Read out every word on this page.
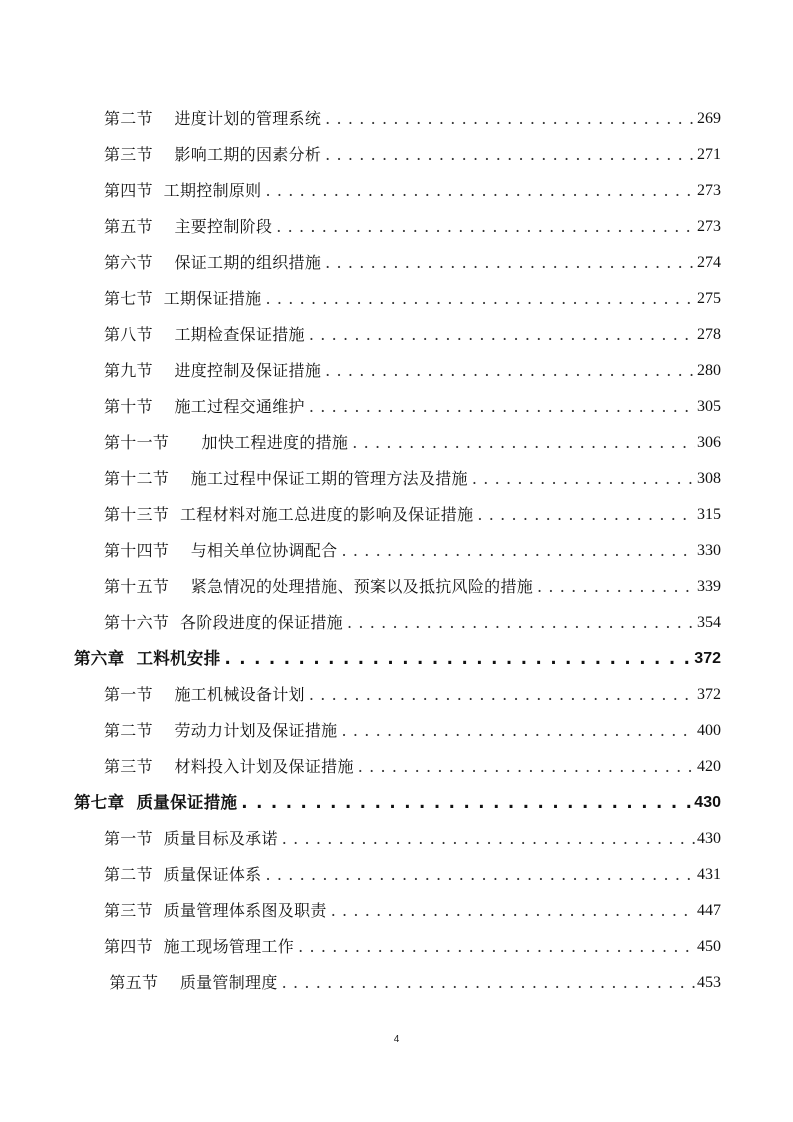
第二节    进度计划的管理系统 . . .	269
第三节    影响工期的因素分析 . . .	271
第四节  工期控制原则 . . .	273
第五节    主要控制阶段 . . .	273
第六节    保证工期的组织措施 . . .	274
第七节  工期保证措施 . . .	275
第八节    工期检查保证措施 . . .	278
第九节    进度控制及保证措施 . . .	280
第十节    施工过程交通维护 . . .	305
第十一节      加快工程进度的措施 . . .	306
第十二节    施工过程中保证工期的管理方法及措施 . . .	308
第十三节  工程材料对施工总进度的影响及保证措施 . . .	315
第十四节    与相关单位协调配合 . . .	330
第十五节    紧急情况的处理措施、预案以及抵抗风险的措施 . . .	339
第十六节  各阶段进度的保证措施 . . .	354
第六章  工料机安排 . . .	372
第一节    施工机械设备计划 . . .	372
第二节    劳动力计划及保证措施 . . .	400
第三节    材料投入计划及保证措施 . . .	420
第七章  质量保证措施 . . .	430
第一节  质量目标及承诺 . . .	430
第二节  质量保证体系 . . .	431
第三节  质量管理体系图及职责 . . .	447
第四节  施工现场管理工作 . . .	450
第五节    质量管制理度 . . .	453
4
